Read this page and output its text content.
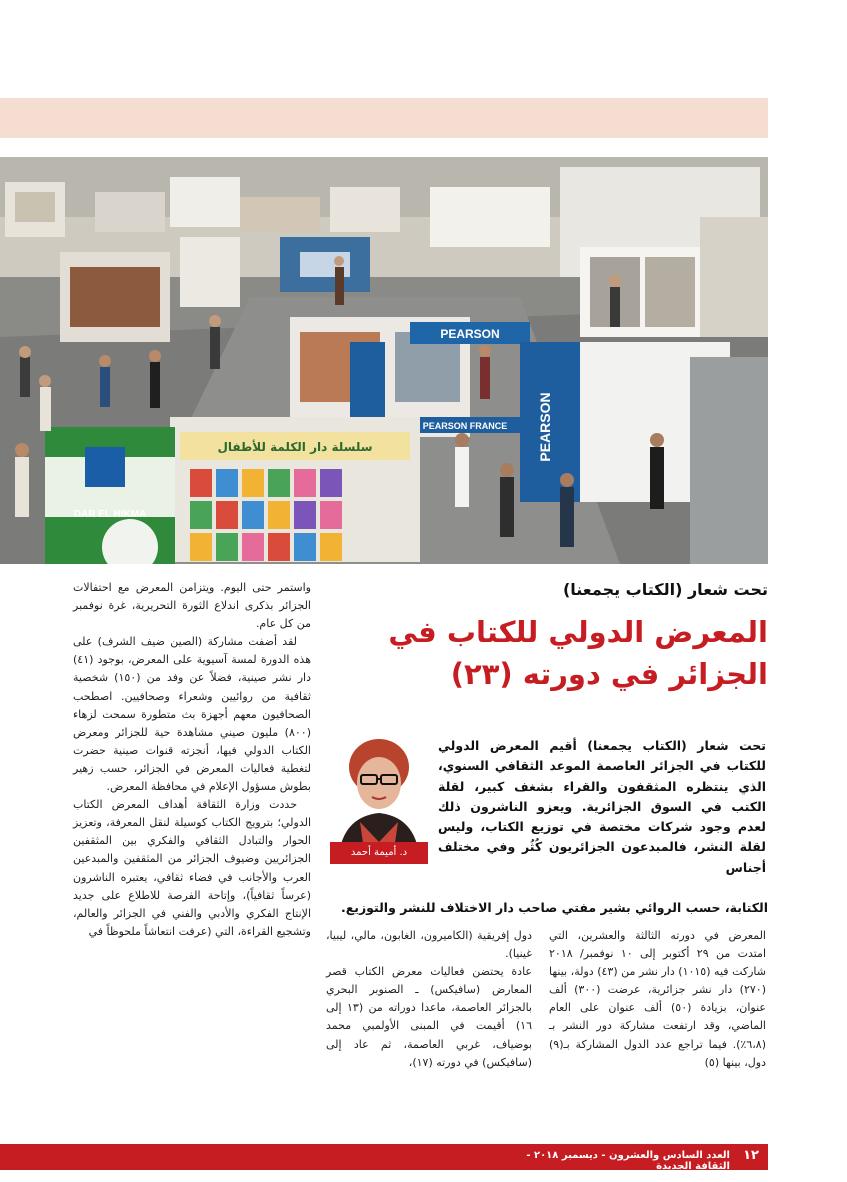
PEARSON
PEARSON
PEARSON FRANCE
سلسلة دار الكلمة للأطفال
DAR EL HIKMA
تحت شعار (الكتاب يجمعنا)
المعرض الدولي للكتاب في
الجزائر في دورته (٢٣)
د. أميمة أحمد

تحت شعار (الكتاب يجمعنا) أقيم المعرض الدولي للكتاب في الجزائر العاصمة الموعد الثقافي السنوي، الذي ينتظره المثقفون والقراء بشغف كبير، لقلة الكتب في السوق الجزائرية. ويعزو الناشرون ذلك لعدم وجود شركات مختصة في توزيع الكتاب، وليس لقلة النشر، فالمبدعون الجزائريون كُثُر وفي مختلف أجناس

الكتابة، حسب الروائي بشير مفتي صاحب دار الاختلاف للنشر والتوزيع.

المعرض في دورته الثالثة والعشرين، التي امتدت من ٢٩ أكتوبر إلى ١٠ نوفمبر/ ٢٠١٨ شاركت فيه (١٠١٥) دار نشر من (٤٣) دولة، بينها (٢٧٠) دار نشر جزائرية، عرضت (٣٠٠) ألف عنوان، بزيادة (٥٠) ألف عنوان على العام الماضي، وقد ارتفعت مشاركة دور النشر بـ (٦،٨٪). فيما تراجع عدد الدول المشاركة بـ(٩) دول، بينها (٥)

دول إفريقية (الكاميرون، الغابون، مالي، ليبيا، غينيا).

عادة يحتضن فعاليات معرض الكتاب قصر المعارض (سافيكس) ـ الصنوبر البحري بالجزائر العاصمة، ماعدا دوراته من (١٣ إلى ١٦) أقيمت في المبنى الأولمبي محمد بوضياف، غربي العاصمة، ثم عاد إلى (سافيكس) في دورته (١٧)،

واستمر حتى اليوم. ويتزامن المعرض مع احتفالات الجزائر بذكرى اندلاع الثورة التحريرية، غرة نوفمبر من كل عام.

لقد أضفت مشاركة (الصين ضيف الشرف) على هذه الدورة لمسة آسيوية على المعرض، بوجود (٤١) دار نشر صينية، فضلاً عن وفد من (١٥٠) شخصية ثقافية من روائيين وشعراء وصحافيين. اصطحب الصحافيون معهم أجهزة بث متطورة سمحت لزهاء (٨٠٠) مليون صيني مشاهدة حية للجزائر ومعرض الكتاب الدولي فيها، أنجزته قنوات صينية حضرت لتغطية فعاليات المعرض في الجزائر، حسب زهير بطوش مسؤول الإعلام في محافظة المعرض.

حددت وزارة الثقافة أهداف المعرض الكتاب الدولي؛ بترويج الكتاب كوسيلة لنقل المعرفة، وتعزيز الحوار والتبادل الثقافي والفكري بين المثقفين الجزائريين وضيوف الجزائر من المثقفين والمبدعين العرب والأجانب في فضاء ثقافي، يعتبره الناشرون (عرساً ثقافياً)، وإتاحة الفرصة للاطلاع على جديد الإنتاج الفكري والأدبي والفني في الجزائر والعالم، وتشجيع القراءة، التي (عرفت انتعاشاً ملحوظاً في

العدد السادس والعشرون - ديسمبر ٢٠١٨ - الثقافة الجديدة
١٢
